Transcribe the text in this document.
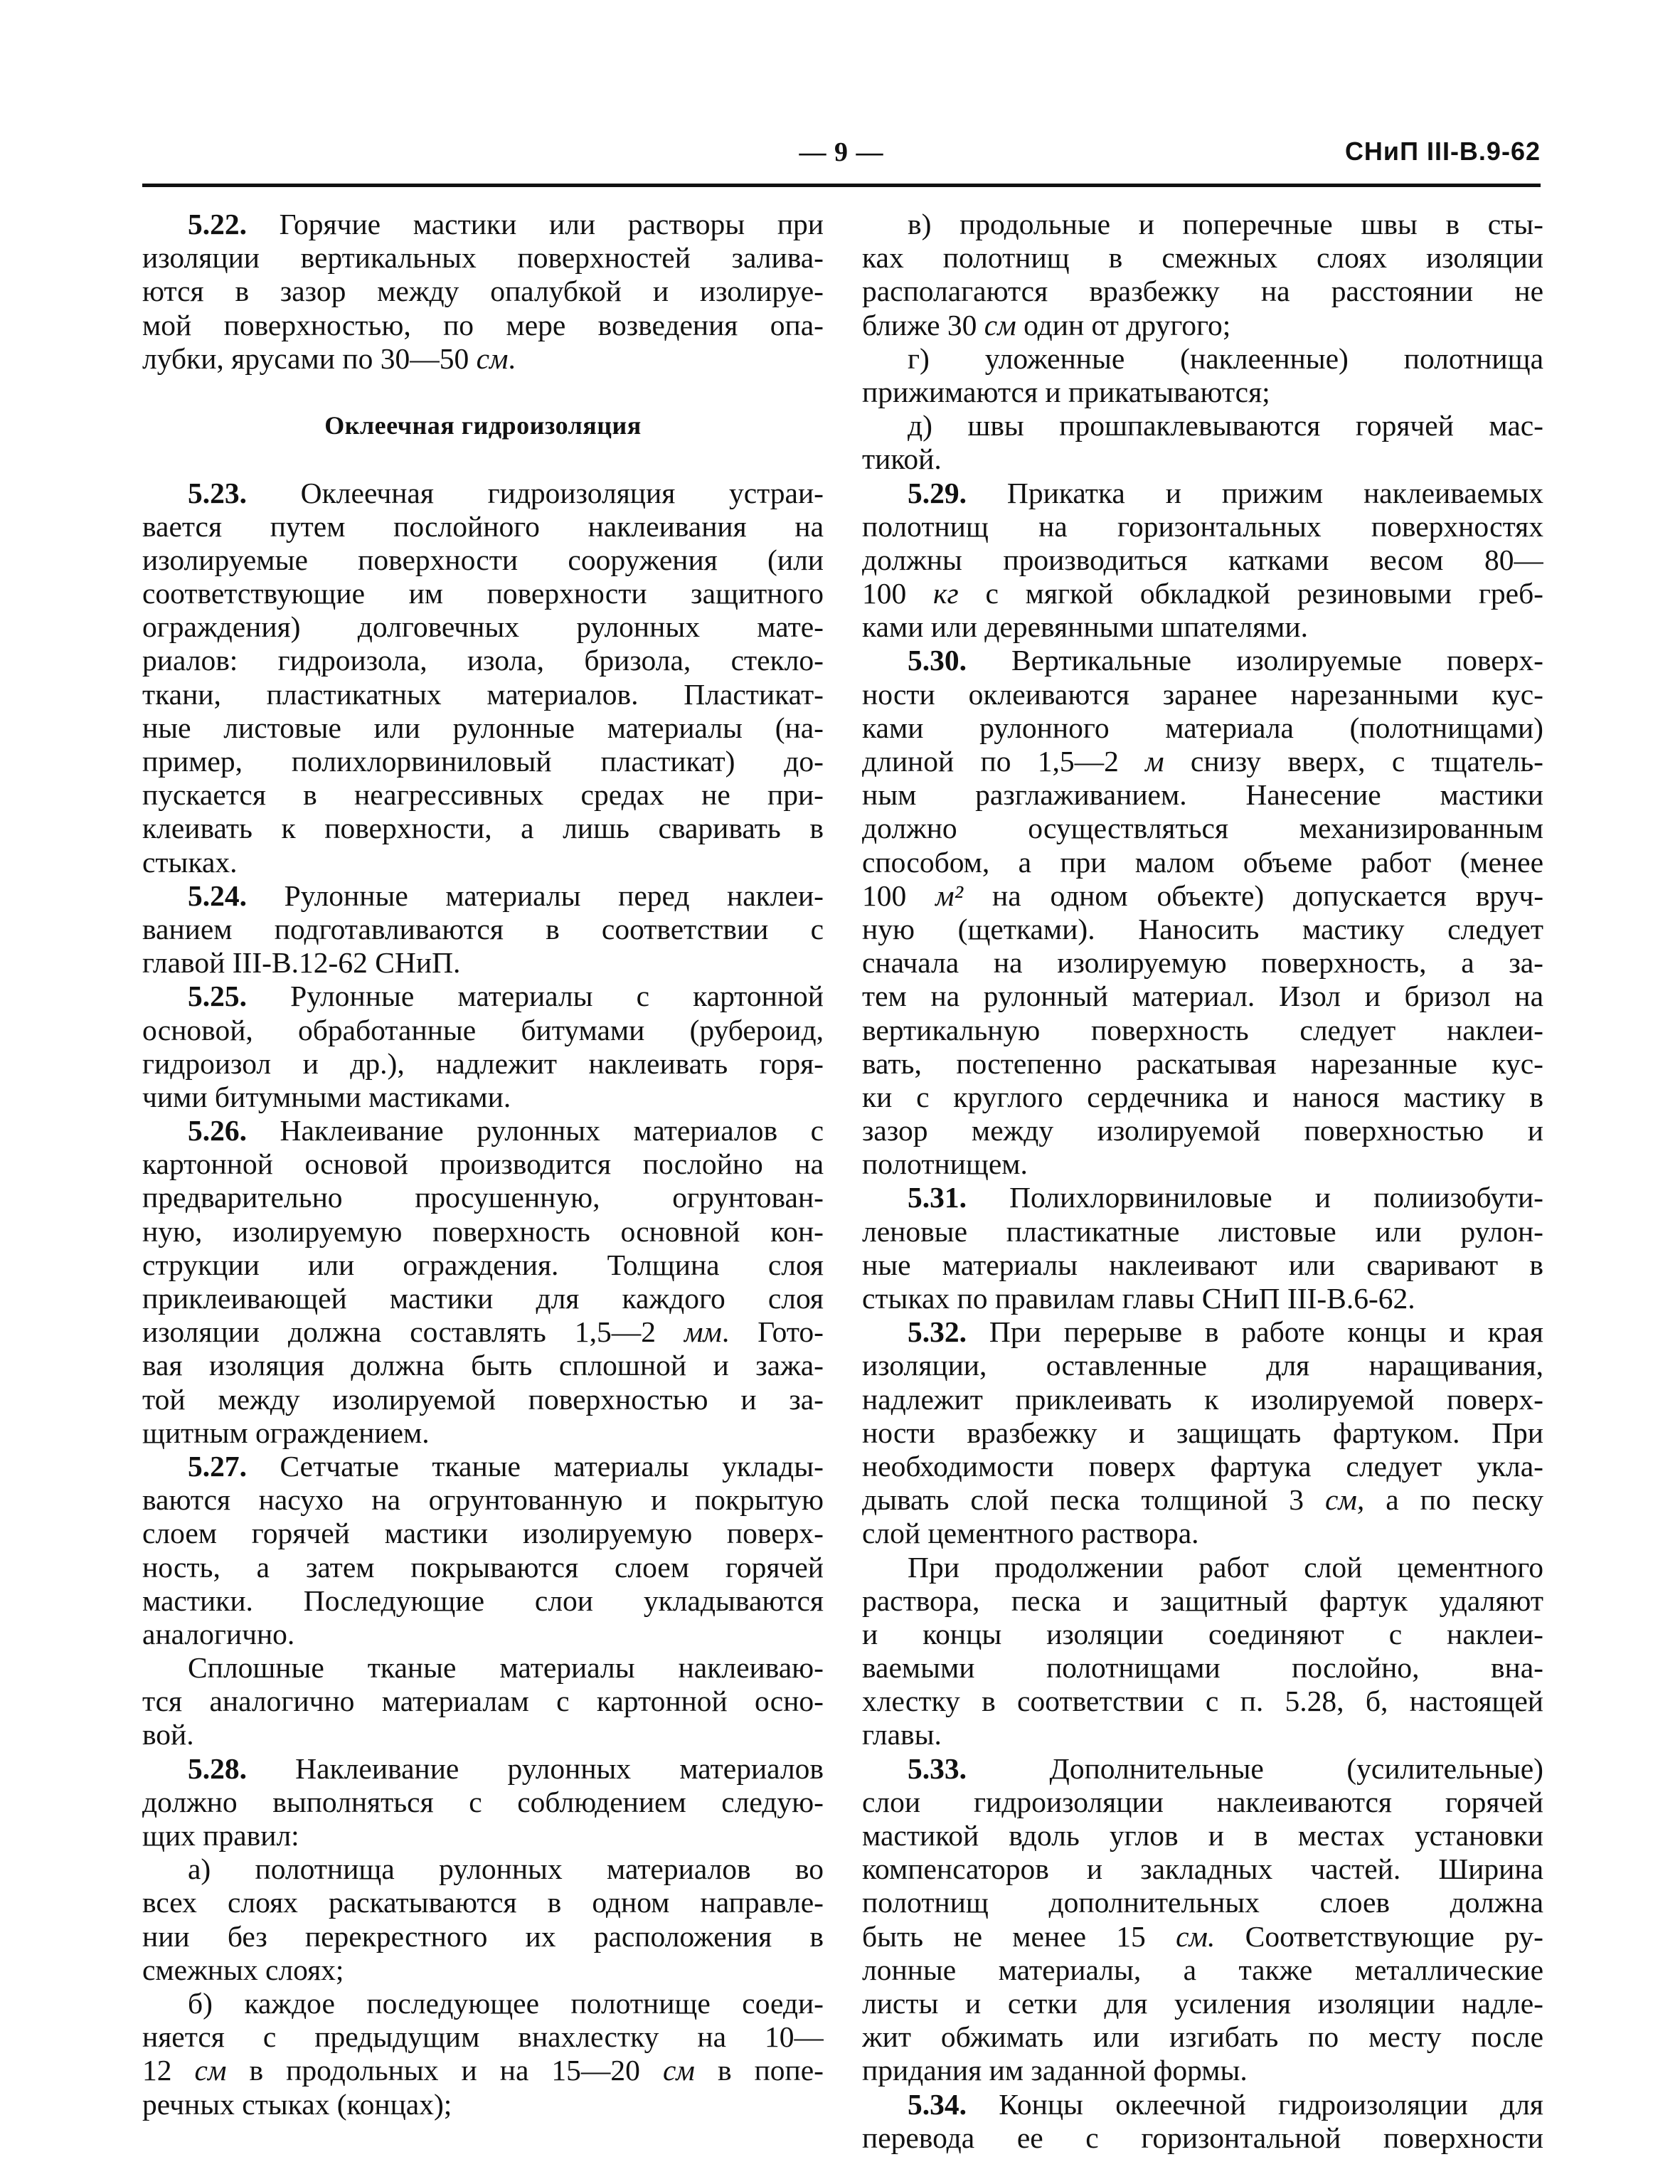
— 9 —	СНиП III-В.9-62
5.22. Горячие мастики или растворы при
изоляции вертикальных поверхностей залива-
ются в зазор между опалубкой и изолируе-
мой поверхностью, по мере возведения опа-
лубки, ярусами по 30—50 см.
Оклеечная гидроизоляция
5.23. Оклеечная гидроизоляция устраи-
вается путем послойного наклеивания на
изолируемые поверхности сооружения (или
соответствующие им поверхности защитного
ограждения) долговечных рулонных мате-
риалов: гидроизола, изола, бризола, стекло-
ткани, пластикатных материалов. Пластикат-
ные листовые или рулонные материалы (на-
пример, полихлорвиниловый пластикат) до-
пускается в неагрессивных средах не при-
клеивать к поверхности, а лишь сваривать в
стыках.
5.24. Рулонные материалы перед наклеи-
ванием подготавливаются в соответствии с
главой III-В.12-62 СНиП.
5.25. Рулонные материалы с картонной
основой, обработанные битумами (рубероид,
гидроизол и др.), надлежит наклеивать горя-
чими битумными мастиками.
5.26. Наклеивание рулонных материалов с
картонной основой производится послойно на
предварительно просушенную, огрунтован-
ную, изолируемую поверхность основной кон-
струкции или ограждения. Толщина слоя
приклеивающей мастики для каждого слоя
изоляции должна составлять 1,5—2 мм. Гото-
вая изоляция должна быть сплошной и зажа-
той между изолируемой поверхностью и за-
щитным ограждением.
5.27. Сетчатые тканые материалы уклады-
ваются насухо на огрунтованную и покрытую
слоем горячей мастики изолируемую поверх-
ность, а затем покрываются слоем горячей
мастики. Последующие слои укладываются
аналогично.
Сплошные тканые материалы наклеиваю-
тся аналогично материалам с картонной осно-
вой.
5.28. Наклеивание рулонных материалов
должно выполняться с соблюдением следую-
щих правил:
а) полотнища рулонных материалов во
всех слоях раскатываются в одном направле-
нии без перекрестного их расположения в
смежных слоях;
б) каждое последующее полотнище соеди-
няется с предыдущим внахлестку на 10—
12 см в продольных и на 15—20 см в попе-
речных стыках (концах);
в) продольные и поперечные швы в сты-
ках полотнищ в смежных слоях изоляции
располагаются вразбежку на расстоянии не
ближе 30 см один от другого;
г) уложенные (наклеенные) полотнища
прижимаются и прикатываются;
д) швы прошпаклевываются горячей мас-
тикой.
5.29. Прикатка и прижим наклеиваемых
полотнищ на горизонтальных поверхностях
должны производиться катками весом 80—
100 кг с мягкой обкладкой резиновыми греб-
ками или деревянными шпателями.
5.30. Вертикальные изолируемые поверх-
ности оклеиваются заранее нарезанными кус-
ками рулонного материала (полотнищами)
длиной по 1,5—2 м снизу вверх, с тщатель-
ным разглаживанием. Нанесение мастики
должно осуществляться механизированным
способом, а при малом объеме работ (менее
100 м² на одном объекте) допускается вруч-
ную (щетками). Наносить мастику следует
сначала на изолируемую поверхность, а за-
тем на рулонный материал. Изол и бризол на
вертикальную поверхность следует наклеи-
вать, постепенно раскатывая нарезанные кус-
ки с круглого сердечника и нанося мастику в
зазор между изолируемой поверхностью и
полотнищем.
5.31. Полихлорвиниловые и полиизобути-
леновые пластикатные листовые или рулон-
ные материалы наклеивают или сваривают в
стыках по правилам главы СНиП III-В.6-62.
5.32. При перерыве в работе концы и края
изоляции, оставленные для наращивания,
надлежит приклеивать к изолируемой поверх-
ности вразбежку и защищать фартуком. При
необходимости поверх фартука следует укла-
дывать слой песка толщиной 3 см, а по песку
слой цементного раствора.
При продолжении работ слой цементного
раствора, песка и защитный фартук удаляют
и концы изоляции соединяют с наклеи-
ваемыми полотнищами послойно, вна-
хлестку в соответствии с п. 5.28, б, настоящей
главы.
5.33. Дополнительные (усилительные)
слои гидроизоляции наклеиваются горячей
мастикой вдоль углов и в местах установки
компенсаторов и закладных частей. Ширина
полотнищ дополнительных слоев должна
быть не менее 15 см. Соответствующие ру-
лонные материалы, а также металлические
листы и сетки для усиления изоляции надле-
жит обжимать или изгибать по месту после
придания им заданной формы.
5.34. Концы оклеечной гидроизоляции для
перевода ее с горизонтальной поверхности
